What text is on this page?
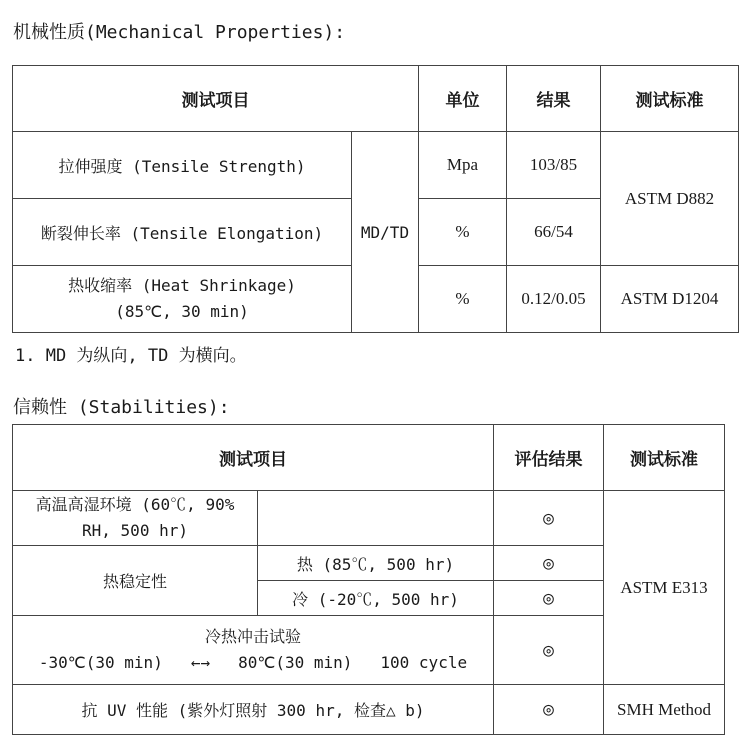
机械性质(Mechanical Properties):
测试项目		单位	结果	测试标准
拉伸强度 (Tensile Strength)	MD/TD	Mpa	103/85	ASTM D882
断裂伸长率 (Tensile Elongation)		%	66/54	

热收缩率 (Heat Shrinkage)
(85℃, 30 min)		%	0.12/0.05	ASTM D1204
1. MD 为纵向, TD 为横向。
信赖性 (Stabilities):
测试项目		评估结果	测试标准

高温高湿环境 (60℃, 90%
RH, 500 hr)		◎	ASTM E313
热稳定性	热 (85℃, 500 hr)	◎	
	冷 (-20℃, 500 hr)	◎	

冷热冲击试验
-30℃(30 min) ←→ 80℃(30 min) 100 cycle		◎	
抗 UV 性能 (紫外灯照射 300 hr, 检查△ b)		◎	SMH Method
